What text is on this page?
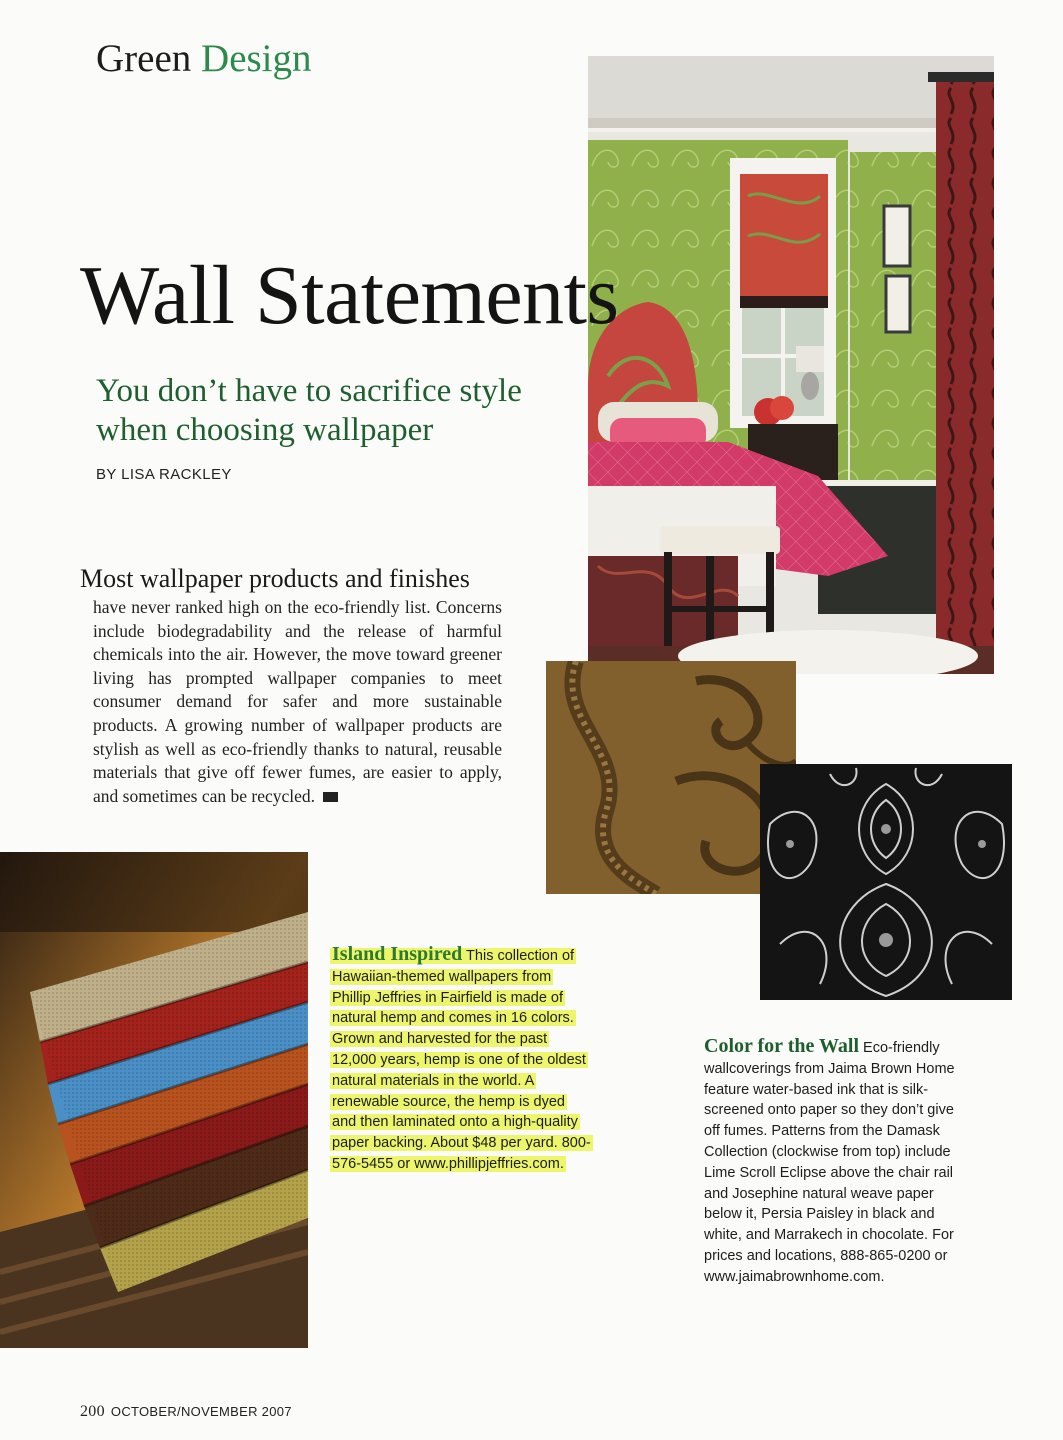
Green Design
Wall Statements
You don’t have to sacrifice style when choosing wallpaper
BY LISA RACKLEY
Most wallpaper products and finishes
have never ranked high on the eco-friendly list. Concerns include biodegradability and the release of harmful chemicals into the air. However, the move toward greener living has prompted wallpaper companies to meet consumer demand for safer and more sustainable products. A growing number of wallpaper products are stylish as well as eco-friendly thanks to natural, reusable materials that give off fewer fumes, are easier to apply, and sometimes can be recycled.
Island Inspired This collection of Hawaiian-themed wallpapers from Phillip Jeffries in Fairfield is made of natural hemp and comes in 16 colors. Grown and harvested for the past 12,000 years, hemp is one of the oldest natural materials in the world. A renewable source, the hemp is dyed and then laminated onto a high-quality paper backing. About $48 per yard. 800-576-5455 or www.phillipjeffries.com.
Color for the Wall Eco-friendly wallcoverings from Jaima Brown Home feature water-based ink that is silk-screened onto paper so they don’t give off fumes. Patterns from the Damask Collection (clockwise from top) include Lime Scroll Eclipse above the chair rail and Josephine natural weave paper below it, Persia Paisley in black and white, and Marrakech in chocolate. For prices and locations, 888-865-0200 or www.jaimabrownhome.com.
200 OCTOBER/NOVEMBER 2007
